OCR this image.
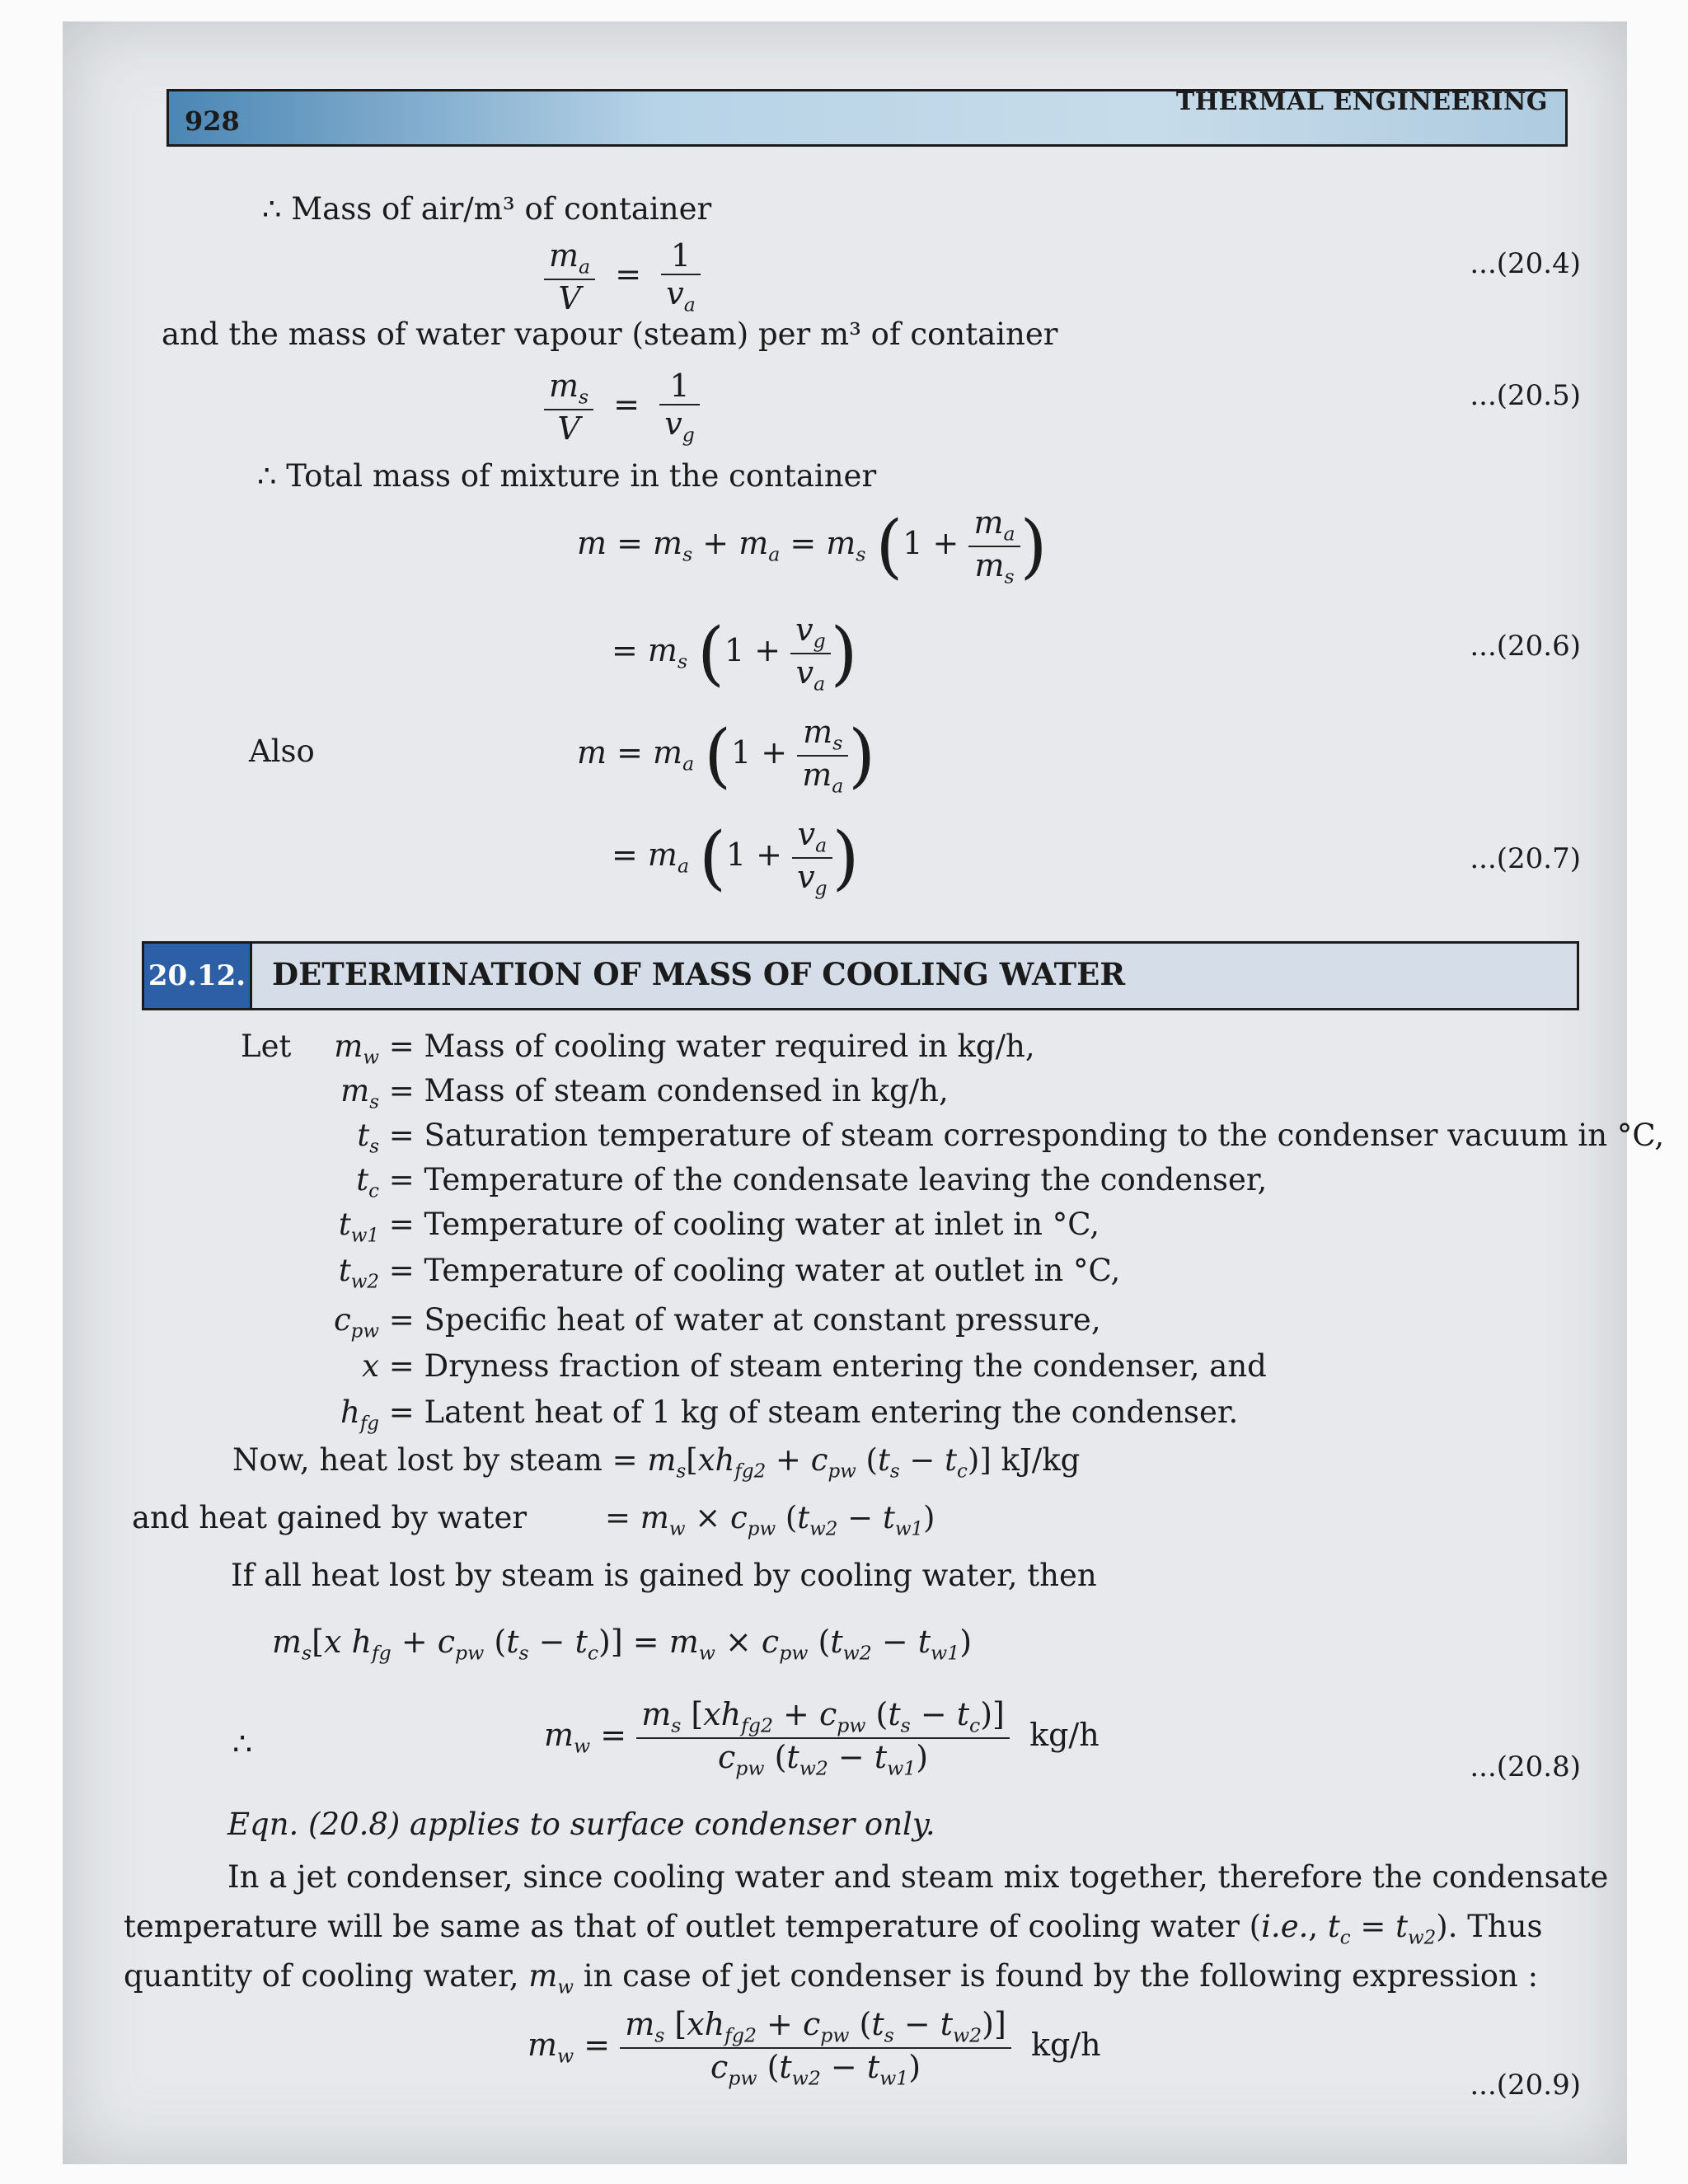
928
THERMAL ENGINEERING
∴ Mass of air/m³ of container
$\frac{m_a}{V} = \frac{1}{v_a}$	...(20.4)
and the mass of water vapour (steam) per m³ of container
$\frac{m_s}{V} = \frac{1}{v_g}$	...(20.5)
∴ Total mass of mixture in the container
$m = m_s + m_a = m_s$ ($1 + \frac{m_a}{m_s}$ )
= $m_s$ ($1 + \frac{v_g}{v_a}$ )	...(20.6)
Also	$m = m_a$ ($1 + \frac{m_s}{m_a}$ )
= $m_a$ ($1 + \frac{v_a}{v_g}$ )	...(20.7)
20.12. DETERMINATION OF MASS OF COOLING WATER
Let	$m_w$ = Mass of cooling water required in kg/h,
$m_s$ = Mass of steam condensed in kg/h,
$t_s$ = Saturation temperature of steam corresponding to the condenser vacuum in °C,
$t_c$ = Temperature of the condensate leaving the condenser,
$t_{w1}$ = Temperature of cooling water at inlet in °C,
$t_{w2}$ = Temperature of cooling water at outlet in °C,
$c_{pw}$ = Specific heat of water at constant pressure,
x = Dryness fraction of steam entering the condenser, and
$h_{fg}$ = Latent heat of 1 kg of steam entering the condenser.
Now, heat lost by steam = $m_s[xh_{fg2} + c_{pw}$ $(t_s - t_c)$] kJ/kg
and heat gained by water	= $m_w \times c_{pw}$ $(t_{w2} - t_{w1})$
If all heat lost by steam is gained by cooling water, then
$m_s[x$ $h_{fg} + c_{pw}$ $(t_s - t_c)] = m_w \times c_{pw}$ $(t_{w2} - t_{w1})$
∴	$m_w = \frac{m_s [xh_{fg2} + c_{pw} (t_s - t_c)]}{c_{pw} (t_{w2} - t_{w1})} kg/h$
...(20.8)
Eqn. (20.8) applies to surface condenser only.
In a jet condenser, since cooling water and steam mix together, therefore the condensate
temperature will be same as that of outlet temperature of cooling water (i.e., $t_c = t_{w2}$). Thus
quantity of cooling water, $m_w$ in case of jet condenser is found by the following expression :
$m_w = \frac{m_s [xh_{fg2} + c_{pw} (t_s - t_{w2})]}{c_{pw} (t_{w2} - t_{w1})} kg/h$
...(20.9)
